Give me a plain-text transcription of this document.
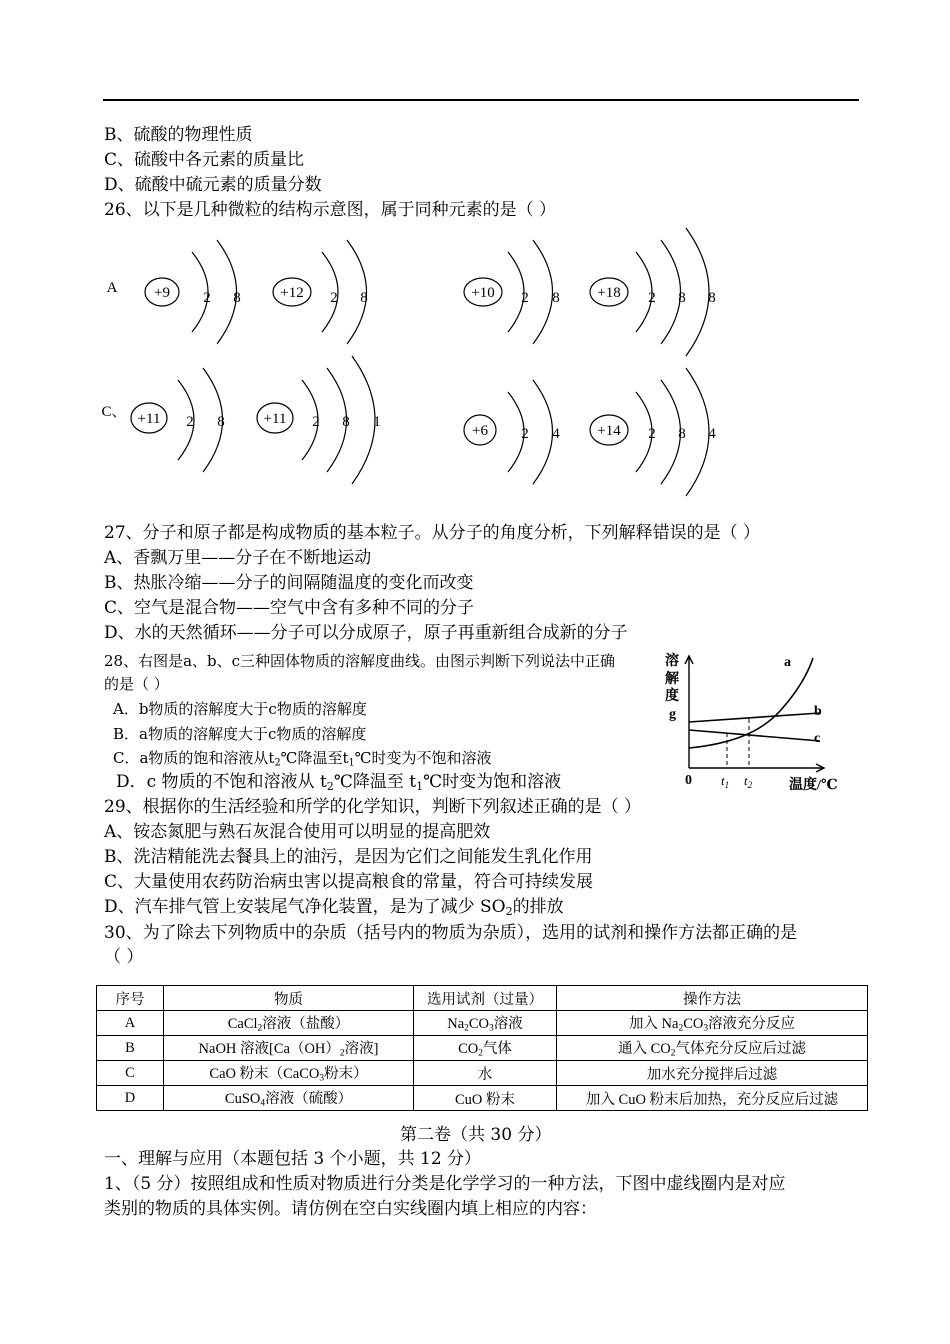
B、硫酸的物理性质
C、硫酸中各元素的质量比
D、硫酸中硫元素的质量分数
26、以下是几种微粒的结构示意图，属于同种元素的是（ ）
A
C、
+9 2 8	+12 2 8	+10 2 8	+18 2 8 8
+11 2 8	+11 2 8 1
+6 2 4	+14 2 8 4
27、分子和原子都是构成物质的基本粒子。从分子的角度分析，下列解释错误的是（ ）
A、香飘万里——分子在不断地运动
B、热胀冷缩——分子的间隔随温度的变化而改变
C、空气是混合物——空气中含有多种不同的分子
D、水的天然循环——分子可以分成原子，原子再重新组合成新的分子
28、右图是a、b、c三种固体物质的溶解度曲线。由图示判断下列说法中正确
的是（ ）
A．b物质的溶解度大于c物质的溶解度
B．a物质的溶解度大于c物质的溶解度
C．a物质的饱和溶液从$t_2℃$降温至$t_1℃$时变为不饱和溶液
D．c 物质的不饱和溶液从 $t_2℃$降温至 $t_1℃$时变为饱和溶液
溶
解
度
g
a
b
c
0	温度/℃
$t_1$ $t_2$
29、根据你的生活经验和所学的化学知识，判断下列叙述正确的是（ ）
A、铵态氮肥与熟石灰混合使用可以明显的提高肥效
B、洗洁精能洗去餐具上的油污，是因为它们之间能发生乳化作用
C、大量使用农药防治病虫害以提高粮食的常量，符合可持续发展
D、汽车排气管上安装尾气净化装置，是为了减少 $SO_2$的排放
30、为了除去下列物质中的杂质（括号内的物质为杂质），选用的试剂和操作方法都正确的是
（ ）
序号	物质	选用试剂（过量）	操作方法
A	CaCl$_2$溶液（盐酸）	$Na_2CO_3$溶液	加入 $Na_2CO_3$溶液充分反应
B	NaOH 溶液[$Ca(OH)_2$溶液]	$CO_2$气体	通入 $CO_2$气体充分反应后过滤
C	CaO 粉末（CaCO$_3$粉末）	水	加水充分搅拌后过滤
D	CuSO$_4$溶液（硫酸）	CuO 粉末	加入 CuO 粉末后加热，充分反应后过滤
第二卷（共 30 分）
一、理解与应用（本题包括 3 个小题，共 12 分）
1、（5 分）按照组成和性质对物质进行分类是化学学习的一种方法，下图中虚线圈内是对应
类别的物质的具体实例。请仿例在空白实线圈内填上相应的内容：
